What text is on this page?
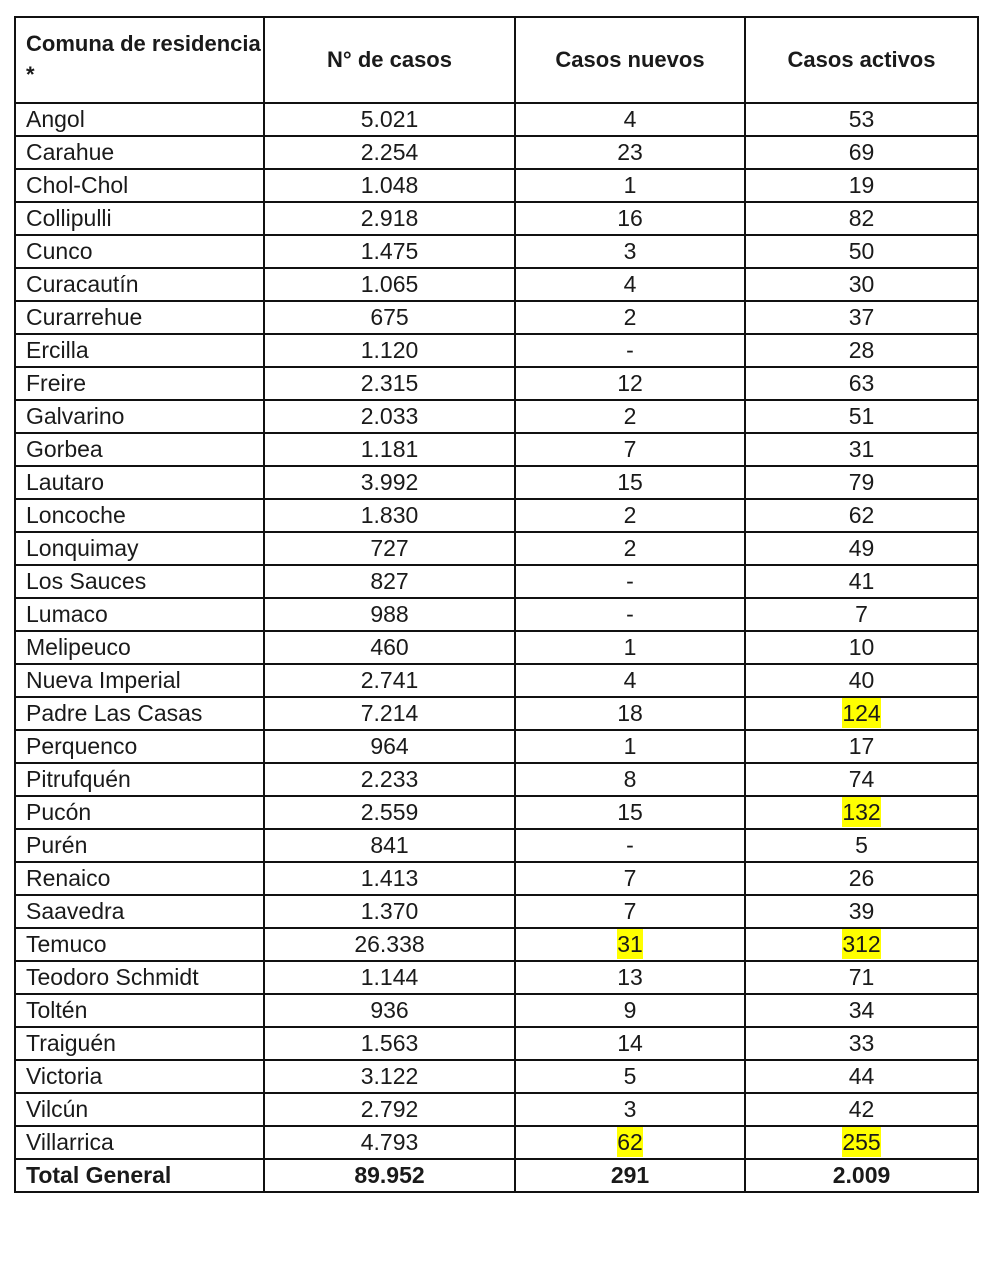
Comuna de residencia *	N° de casos	Casos nuevos	Casos activos
Angol	5.021	4	53
Carahue	2.254	23	69
Chol-Chol	1.048	1	19
Collipulli	2.918	16	82
Cunco	1.475	3	50
Curacautín	1.065	4	30
Curarrehue	675	2	37
Ercilla	1.120	-	28
Freire	2.315	12	63
Galvarino	2.033	2	51
Gorbea	1.181	7	31
Lautaro	3.992	15	79
Loncoche	1.830	2	62
Lonquimay	727	2	49
Los Sauces	827	-	41
Lumaco	988	-	7
Melipeuco	460	1	10
Nueva Imperial	2.741	4	40
Padre Las Casas	7.214	18	124
Perquenco	964	1	17
Pitrufquén	2.233	8	74
Pucón	2.559	15	132
Purén	841	-	5
Renaico	1.413	7	26
Saavedra	1.370	7	39
Temuco	26.338	31	312
Teodoro Schmidt	1.144	13	71
Toltén	936	9	34
Traiguén	1.563	14	33
Victoria	3.122	5	44
Vilcún	2.792	3	42
Villarrica	4.793	62	255
Total General	89.952	291	2.009
